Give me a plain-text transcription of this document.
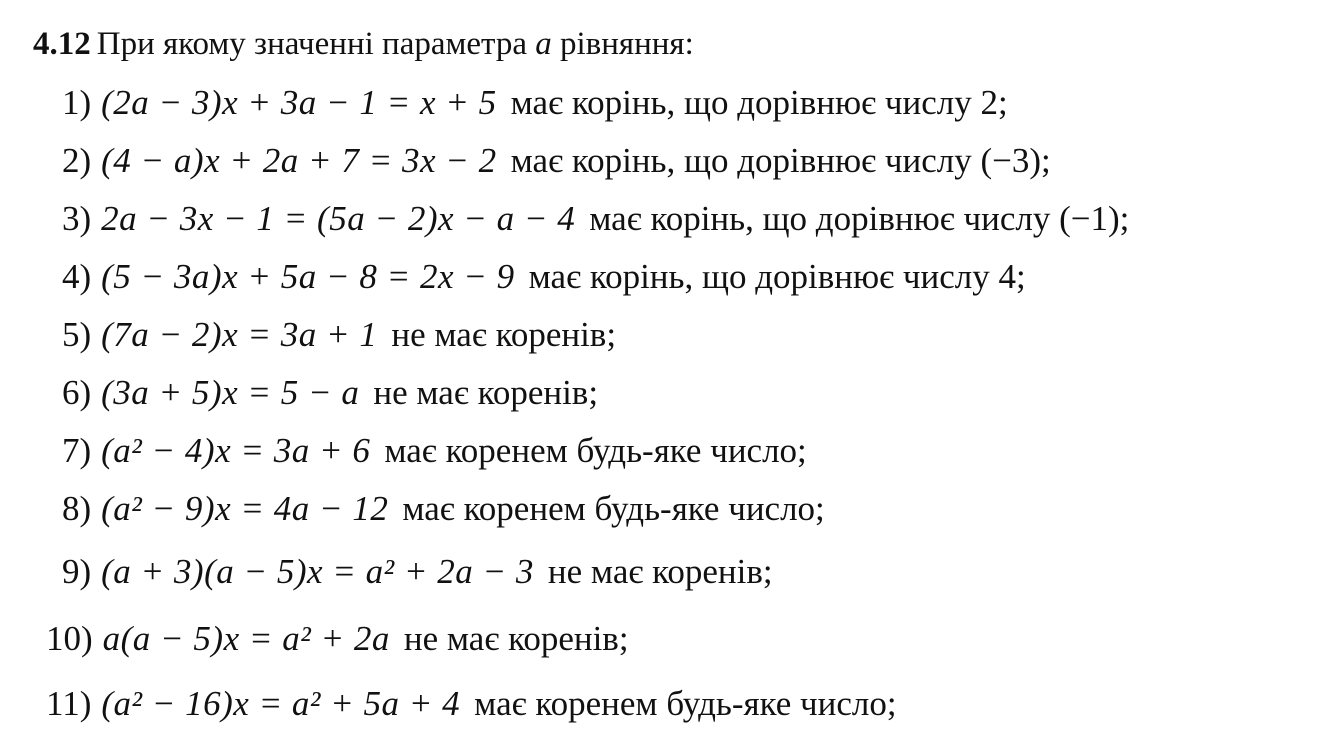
4.12 При якому значенні параметра a рівняння:
1) (2a − 3)x + 3a − 1 = x + 5 має корінь, що дорівнює числу 2;
2) (4 − a)x + 2a + 7 = 3x − 2 має корінь, що дорівнює числу (−3);
3) 2a − 3x − 1 = (5a − 2)x − a − 4 має корінь, що дорівнює числу (−1);
4) (5 − 3a)x + 5a − 8 = 2x − 9 має корінь, що дорівнює числу 4;
5) (7a − 2)x = 3a + 1 не має коренів;
6) (3a + 5)x = 5 − a не має коренів;
7) (a² − 4)x = 3a + 6 має коренем будь-яке число;
8) (a² − 9)x = 4a − 12 має коренем будь-яке число;
9) (a + 3)(a − 5)x = a² + 2a − 3 не має коренів;
10) a(a − 5)x = a² + 2a не має коренів;
11) (a² − 16)x = a² + 5a + 4 має коренем будь-яке число;
